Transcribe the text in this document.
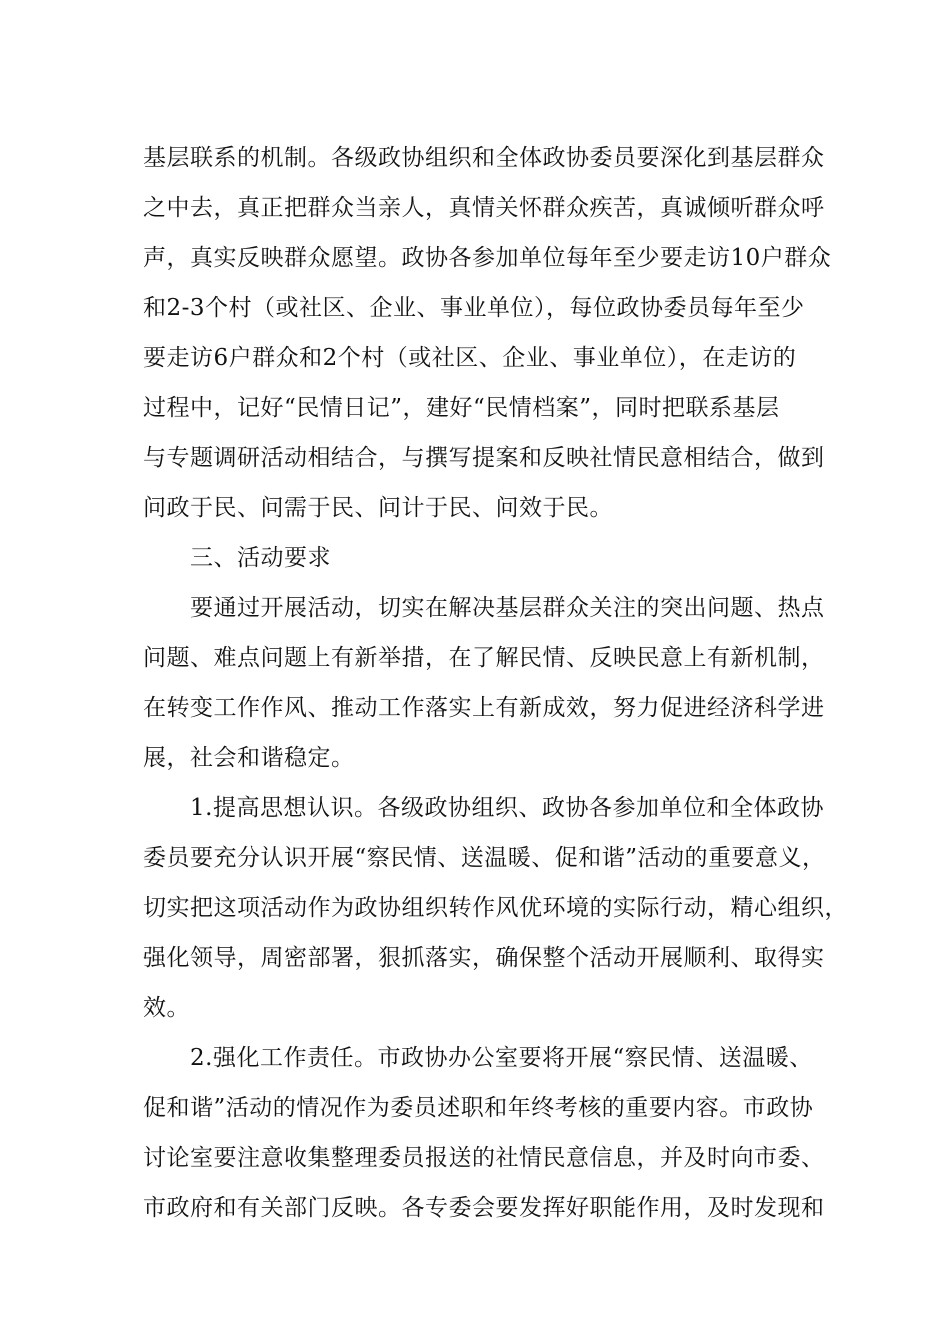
基层联系的机制。各级政协组织和全体政协委员要深化到基层群众
之中去，真正把群众当亲人，真情关怀群众疾苦，真诚倾听群众呼
声，真实反映群众愿望。政协各参加单位每年至少要走访10户群众
和2-3个村（或社区、企业、事业单位），每位政协委员每年至少
要走访6户群众和2个村（或社区、企业、事业单位），在走访的
过程中，记好“民情日记”，建好“民情档案”，同时把联系基层
与专题调研活动相结合，与撰写提案和反映社情民意相结合，做到
问政于民、问需于民、问计于民、问效于民。
三、活动要求
要通过开展活动，切实在解决基层群众关注的突出问题、热点
问题、难点问题上有新举措，在了解民情、反映民意上有新机制，
在转变工作作风、推动工作落实上有新成效，努力促进经济科学进
展，社会和谐稳定。
1.提高思想认识。各级政协组织、政协各参加单位和全体政协
委员要充分认识开展“察民情、送温暖、促和谐”活动的重要意义，
切实把这项活动作为政协组织转作风优环境的实际行动，精心组织，
强化领导，周密部署，狠抓落实，确保整个活动开展顺利、取得实
效。
2.强化工作责任。市政协办公室要将开展“察民情、送温暖、
促和谐”活动的情况作为委员述职和年终考核的重要内容。市政协
讨论室要注意收集整理委员报送的社情民意信息，并及时向市委、
市政府和有关部门反映。各专委会要发挥好职能作用，及时发现和
